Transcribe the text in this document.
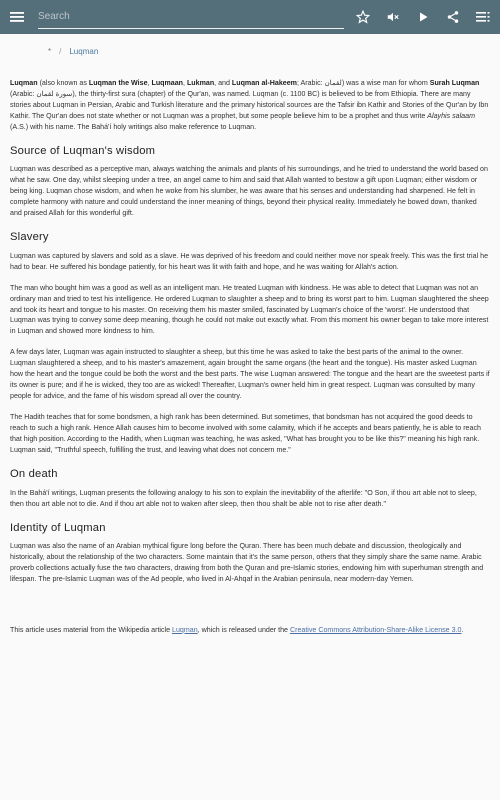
Search
* / Luqman

Luqman (also known as Luqman the Wise, Luqmaan, Lukman, and Luqman al-Hakeem; Arabic: لقمان) was a wise man for whom Surah Luqman (Arabic: سورة لقمان), the thirty-first sura (chapter) of the Qur'an, was named. Luqman (c. 1100 BC) is believed to be from Ethiopia. There are many stories about Luqman in Persian, Arabic and Turkish literature and the primary historical sources are the Tafsir ibn Kathir and Stories of the Qur'an by Ibn Kathir. The Qur'an does not state whether or not Luqman was a prophet, but some people believe him to be a prophet and thus write Alayhis salaam (A.S.) with his name. The Bahá'í holy writings also make reference to Luqman.

Source of Luqman's wisdom

Luqman was described as a perceptive man, always watching the animals and plants of his surroundings, and he tried to understand the world based on what he saw. One day, whilst sleeping under a tree, an angel came to him and said that Allah wanted to bestow a gift upon Luqman; either wisdom or being king. Luqman chose wisdom, and when he woke from his slumber, he was aware that his senses and understanding had sharpened. He felt in complete harmony with nature and could understand the inner meaning of things, beyond their physical reality. Immediately he bowed down, thanked and praised Allah for this wonderful gift.

Slavery

Luqman was captured by slavers and sold as a slave. He was deprived of his freedom and could neither move nor speak freely. This was the first trial he had to bear. He suffered his bondage patiently, for his heart was lit with faith and hope, and he was waiting for Allah's action.

The man who bought him was a good as well as an intelligent man. He treated Luqman with kindness. He was able to detect that Luqman was not an ordinary man and tried to test his intelligence. He ordered Luqman to slaughter a sheep and to bring its worst part to him. Luqman slaughtered the sheep and took its heart and tongue to his master. On receiving them his master smiled, fascinated by Luqman's choice of the 'worst'. He understood that Luqman was trying to convey some deep meaning, though he could not make out exactly what. From this moment his owner began to take more interest in Luqman and showed more kindness to him.

A few days later, Luqman was again instructed to slaughter a sheep, but this time he was asked to take the best parts of the animal to the owner. Luqman slaughtered a sheep, and to his master's amazement, again brought the same organs (the heart and the tongue). His master asked Luqman how the heart and the tongue could be both the worst and the best parts. The wise Luqman answered: The tongue and the heart are the sweetest parts if its owner is pure; and if he is wicked, they too are as wicked! Thereafter, Luqman's owner held him in great respect. Luqman was consulted by many people for advice, and the fame of his wisdom spread all over the country.

The Hadith teaches that for some bondsmen, a high rank has been determined. But sometimes, that bondsman has not acquired the good deeds to reach to such a high rank. Hence Allah causes him to become involved with some calamity, which if he accepts and bears patiently, he is able to reach that high position. According to the Hadith, when Luqman was teaching, he was asked, "What has brought you to be like this?" meaning his high rank. Luqman said, "Truthful speech, fulfilling the trust, and leaving what does not concern me."

On death

In the Bahá'í writings, Luqman presents the following analogy to his son to explain the inevitability of the afterlife: "O Son, if thou art able not to sleep, then thou art able not to die. And if thou art able not to waken after sleep, then thou shalt be able not to rise after death."

Identity of Luqman

Luqman was also the name of an Arabian mythical figure long before the Quran. There has been much debate and discussion, theologically and historically, about the relationship of the two characters. Some maintain that it's the same person, others that they simply share the same name. Arabic proverb collections actually fuse the two characters, drawing from both the Quran and pre-Islamic stories, endowing him with superhuman strength and lifespan. The pre-Islamic Luqman was of the Ad people, who lived in Al-Ahqaf in the Arabian peninsula, near modern-day Yemen.

This article uses material from the Wikipedia article Luqman, which is released under the Creative Commons Attribution-Share-Alike License 3.0.
